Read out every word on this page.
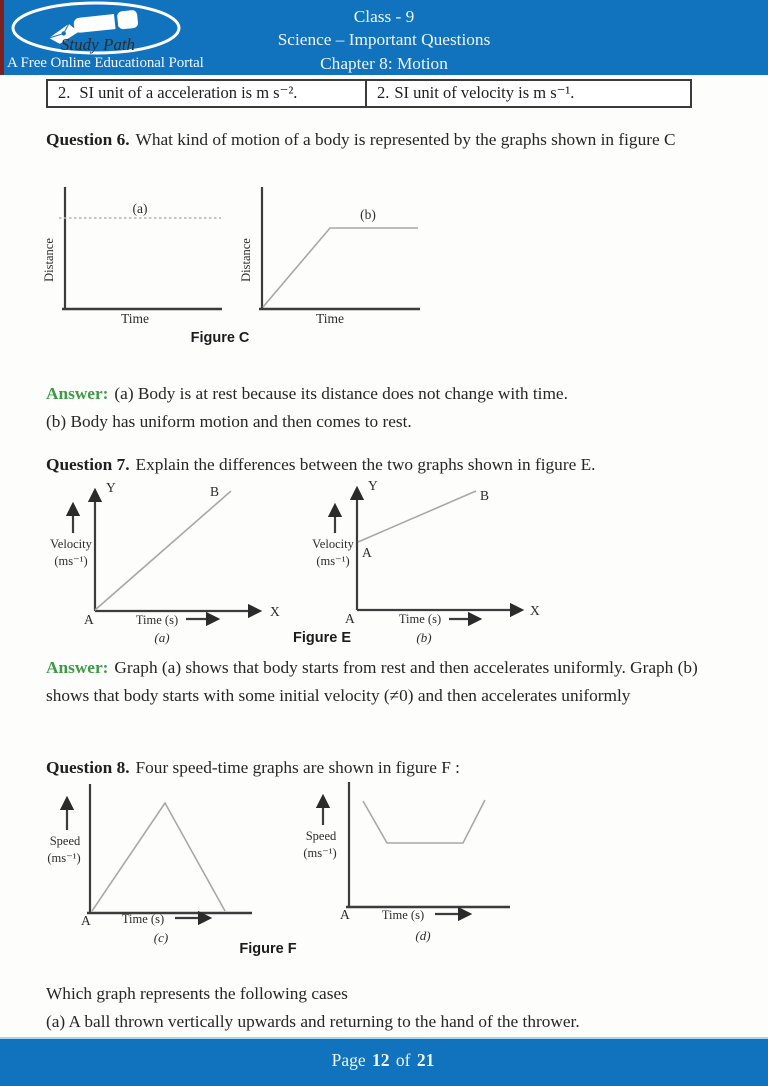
Study Path
A Free Online Educational Portal
Class - 9
Science – Important Questions
Chapter 8: Motion
2. SI unit of a acceleration is m s⁻².	2. SI unit of velocity is m s⁻¹.
Question 6. What kind of motion of a body is represented by the graphs shown in figure C
(a)
Distance
Time
(b)
Distance
Time
Figure C
Answer: (a) Body is at rest because its distance does not change with time.
(b) Body has uniform motion and then comes to rest.
Question 7. Explain the differences between the two graphs shown in figure E.
Y
X
B
A
Velocity
(ms⁻¹)
Time (s)
(a)
Y
X
B
A
A
Velocity
(ms⁻¹)
Time (s)
(b)
Figure E
Answer: Graph (a) shows that body starts from rest and then accelerates uniformly. Graph (b) shows that body starts with some initial velocity (≠0) and then accelerates uniformly
Question 8. Four speed-time graphs are shown in figure F :
A
Speed
(ms⁻¹)
Time (s)
(c)
A
Speed
(ms⁻¹)
Time (s)
(d)
Figure F
Which graph represents the following cases
(a) A ball thrown vertically upwards and returning to the hand of the thrower.
Page 12 of 21
